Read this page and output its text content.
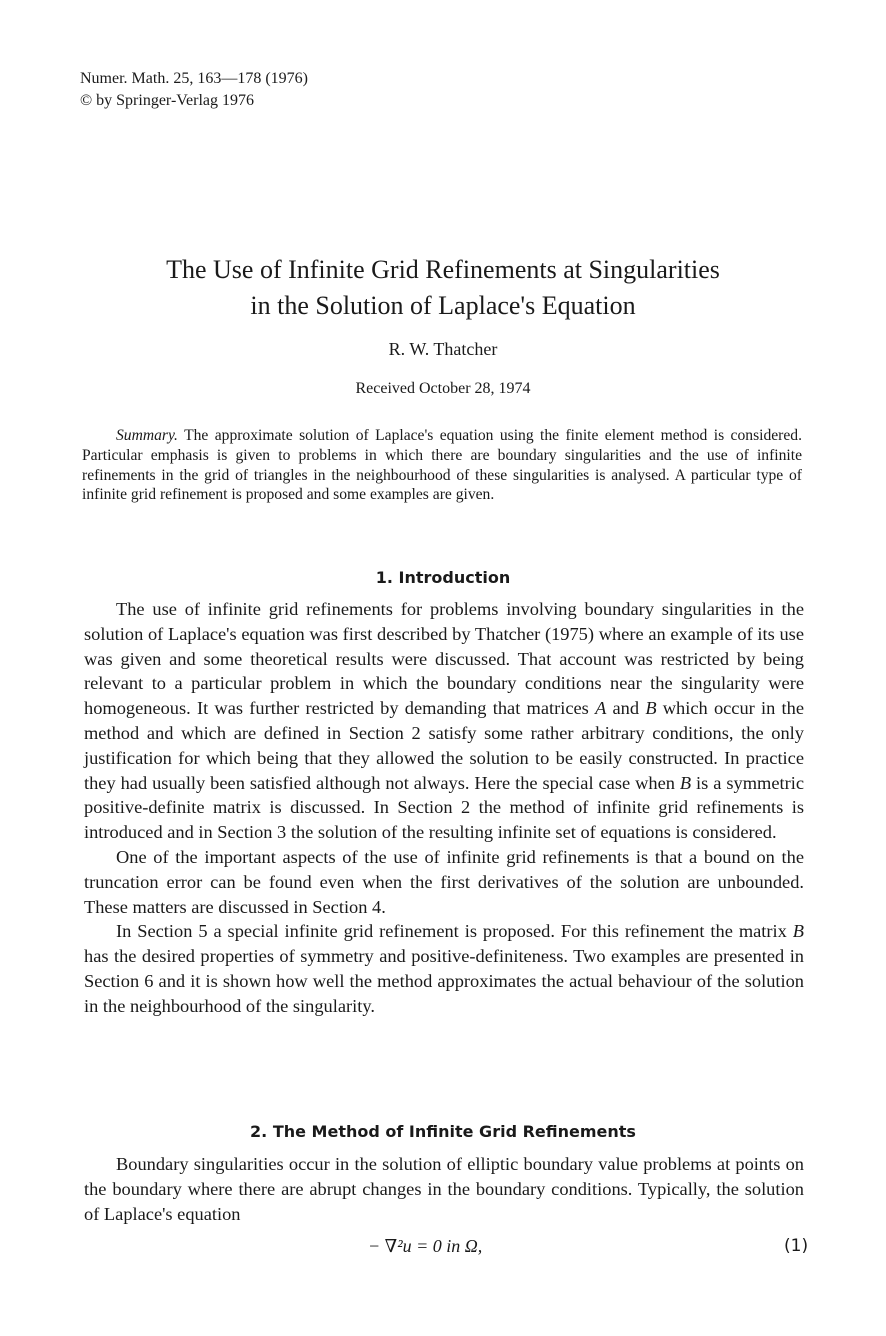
Numer. Math. 25, 163—178 (1976)
© by Springer-Verlag 1976
The Use of Infinite Grid Refinements at Singularities
in the Solution of Laplace's Equation
R. W. Thatcher
Received October 28, 1974
Summary. The approximate solution of Laplace's equation using the finite element method is considered. Particular emphasis is given to problems in which there are boundary singularities and the use of infinite refinements in the grid of triangles in the neighbourhood of these singularities is analysed. A particular type of infinite grid refinement is proposed and some examples are given.
1. Introduction

The use of infinite grid refinements for problems involving boundary singularities in the solution of Laplace's equation was first described by Thatcher (1975) where an example of its use was given and some theoretical results were discussed. That account was restricted by being relevant to a particular problem in which the boundary conditions near the singularity were homogeneous. It was further restricted by demanding that matrices A and B which occur in the method and which are defined in Section 2 satisfy some rather arbitrary conditions, the only justification for which being that they allowed the solution to be easily constructed. In practice they had usually been satisfied although not always. Here the special case when B is a symmetric positive-definite matrix is discussed. In Section 2 the method of infinite grid refinements is introduced and in Section 3 the solution of the resulting infinite set of equations is considered.

One of the important aspects of the use of infinite grid refinements is that a bound on the truncation error can be found even when the first derivatives of the solution are unbounded. These matters are discussed in Section 4.

In Section 5 a special infinite grid refinement is proposed. For this refinement the matrix B has the desired properties of symmetry and positive-definiteness. Two examples are presented in Section 6 and it is shown how well the method approximates the actual behaviour of the solution in the neighbourhood of the singularity.

2. The Method of Infinite Grid Refinements

Boundary singularities occur in the solution of elliptic boundary value problems at points on the boundary where there are abrupt changes in the boundary conditions. Typically, the solution of Laplace's equation

− ∇²u = 0 in Ω,	(1)
